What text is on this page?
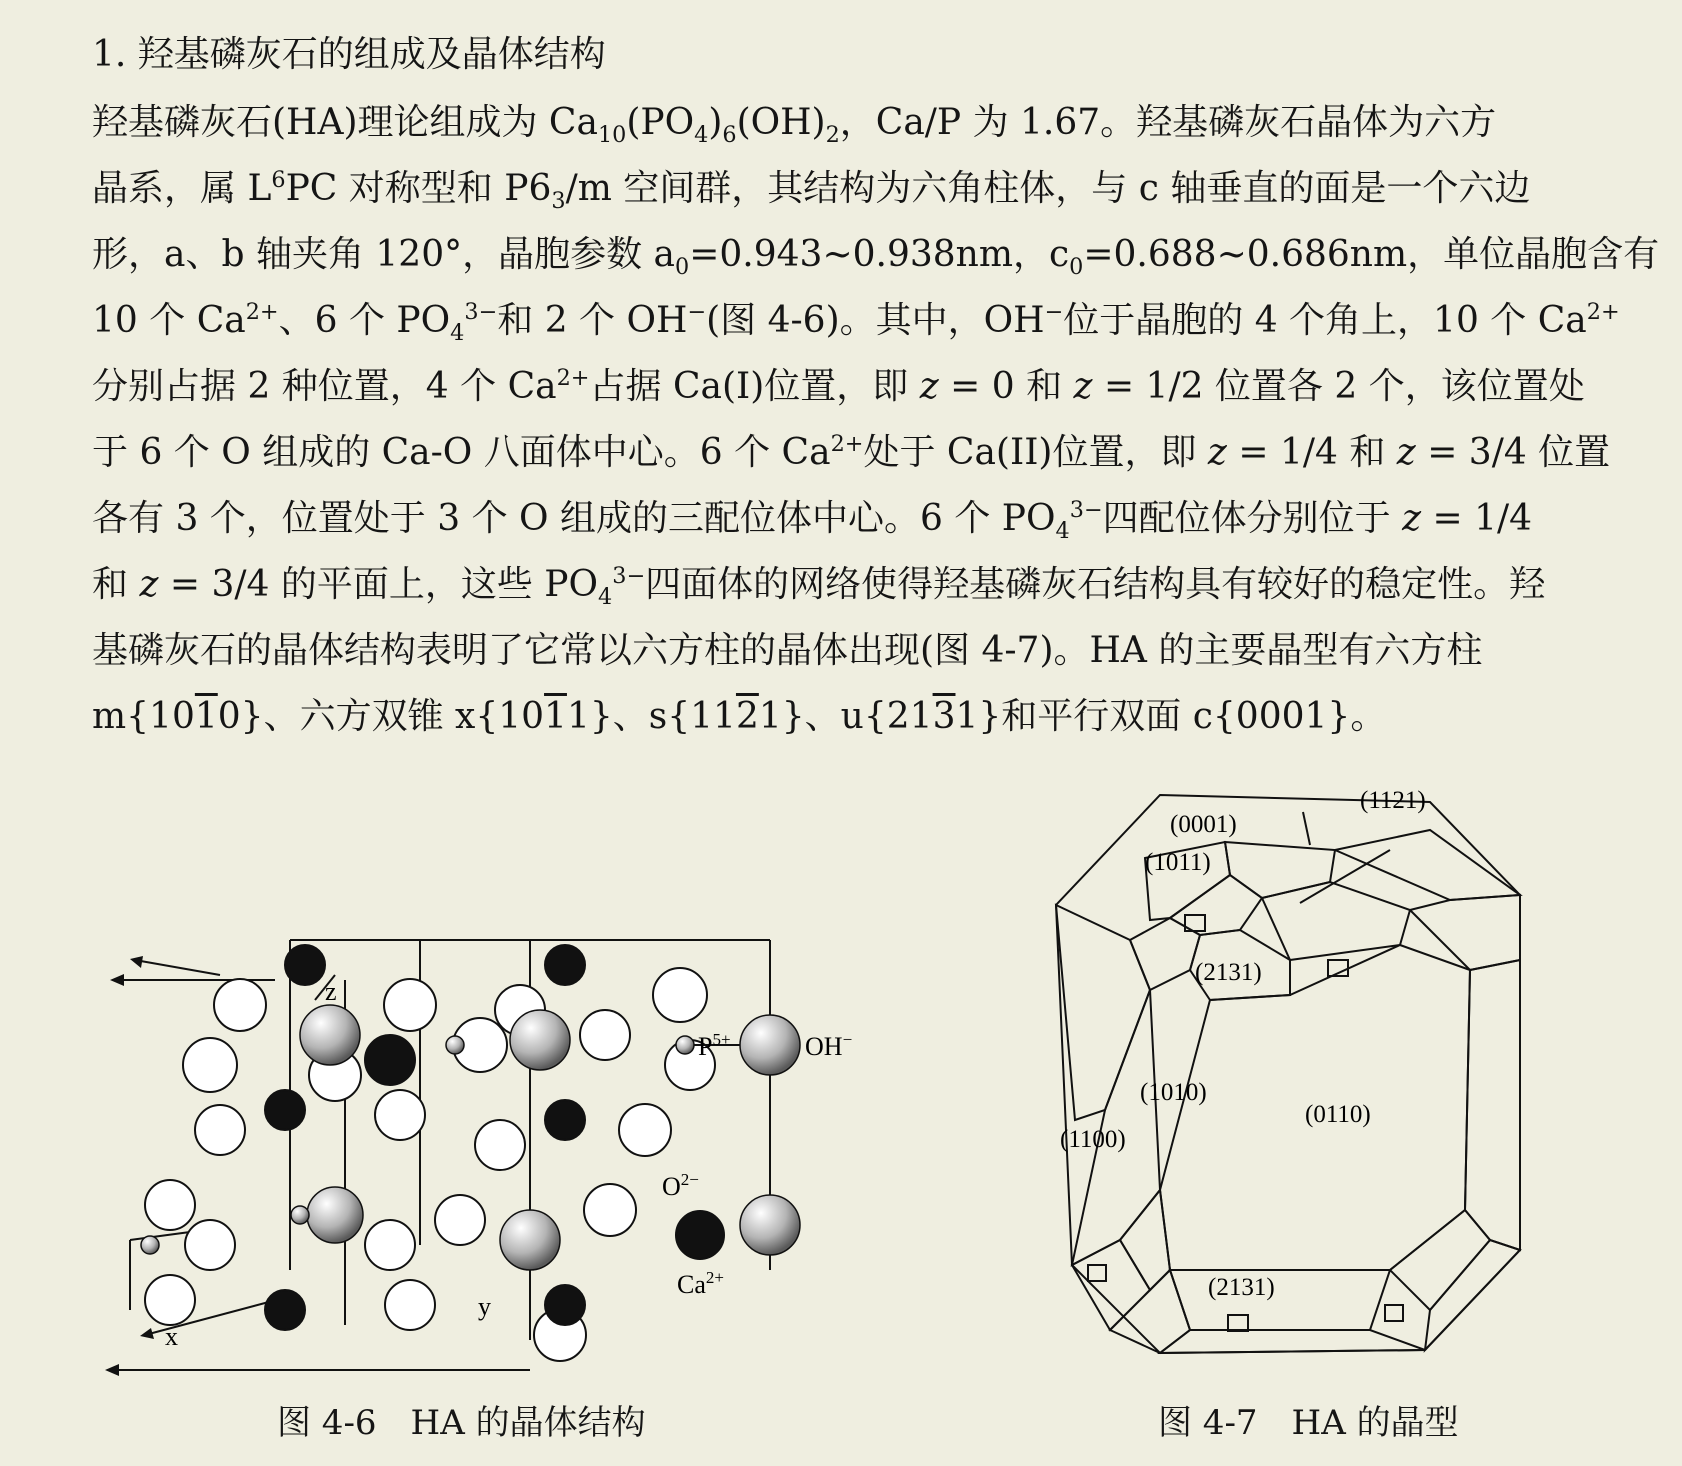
1. 羟基磷灰石的组成及晶体结构
羟基磷灰石(HA)理论组成为 $Ca_{10}(PO_4)_6(OH)_2$，Ca/P 为 1.67。羟基磷灰石晶体为六方
晶系，属 $L^6PC$ 对称型和 $P6_3/m$ 空间群，其结构为六角柱体，与 c 轴垂直的面是一个六边
形，a、b 轴夹角 120°，晶胞参数 $a_0=0.943\sim 0.938nm$，$c_0=0.688\sim 0.686nm$，单位晶胞含有
10 个 $Ca^{2+}$、6 个 $PO_4^{3-}$和 2 个 OH−(图 4-6)。其中，OH−位于晶胞的 4 个角上，10 个 $Ca^{2+}$
分别占据 2 种位置，4 个 $Ca^{2+}$占据 Ca(I)位置，即 z = 0 和 z = 1/2 位置各 2 个，该位置处
于 6 个 O 组成的 Ca-O 八面体中心。6 个 $Ca^{2+}$处于 Ca(II)位置，即 z = 1/4 和 z = 3/4 位置
各有 3 个，位置处于 3 个 O 组成的三配位体中心。6 个 $PO_4^{3-}$四配位体分别位于 z = 1/4
和 z = 3/4 的平面上，这些 $PO_4^{3-}$四面体的网络使得羟基磷灰石结构具有较好的稳定性。羟
基磷灰石的晶体结构表明了它常以六方柱的晶体出现(图 4-7)。HA 的主要晶型有六方柱
m{1010}、六方双锥 x{1011}、s{1121}、u{2131}和平行双面 c{0001}。
z
x
y
$P^{5+}$	OH−
$O^{2-}$
$Ca^{2+}$
图 4-6　HA 的晶体结构
(0001)
(1121)
(1011)
(2131)
(1010)
(0110)
(1100)
(2131)
图 4-7　HA 的晶型
